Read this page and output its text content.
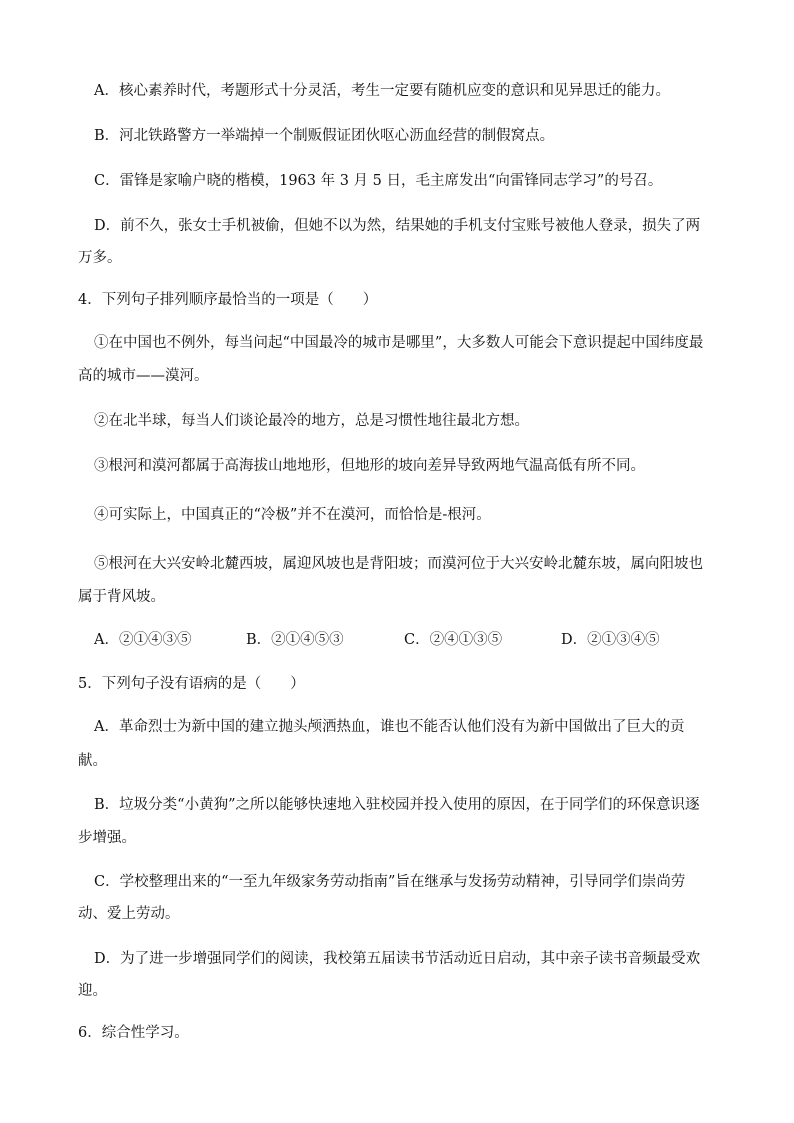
A．核心素养时代，考题形式十分灵活，考生一定要有随机应变的意识和见异思迁的能力。
B．河北铁路警方一举端掉一个制贩假证团伙呕心沥血经营的制假窝点。
C．雷锋是家喻户晓的楷模，1963 年 3 月 5 日，毛主席发出“向雷锋同志学习”的号召。
D．前不久，张女士手机被偷，但她不以为然，结果她的手机支付宝账号被他人登录，损失了两
万多。
4．下列句子排列顺序最恰当的一项是（　　）
①在中国也不例外，每当问起“中国最冷的城市是哪里”，大多数人可能会下意识提起中国纬度最
高的城市——漠河。
②在北半球，每当人们谈论最冷的地方，总是习惯性地往最北方想。
③根河和漠河都属于高海拔山地地形，但地形的坡向差异导致两地气温高低有所不同。
④可实际上，中国真正的“冷极”并不在漠河，而恰恰是-根河。
⑤根河在大兴安岭北麓西坡，属迎风坡也是背阳坡；而漠河位于大兴安岭北麓东坡，属向阳坡也
属于背风坡。
A．②①④③⑤	B．②①④⑤③	C．②④①③⑤	D．②①③④⑤
5．下列句子没有语病的是（　　）
A．革命烈士为新中国的建立抛头颅洒热血，谁也不能否认他们没有为新中国做出了巨大的贡
献。
B．垃圾分类“小黄狗”之所以能够快速地入驻校园并投入使用的原因，在于同学们的环保意识逐
步增强。
C．学校整理出来的“一至九年级家务劳动指南”旨在继承与发扬劳动精神，引导同学们崇尚劳
动、爱上劳动。
D．为了进一步增强同学们的阅读，我校第五届读书节活动近日启动，其中亲子读书音频最受欢
迎。
6．综合性学习。
